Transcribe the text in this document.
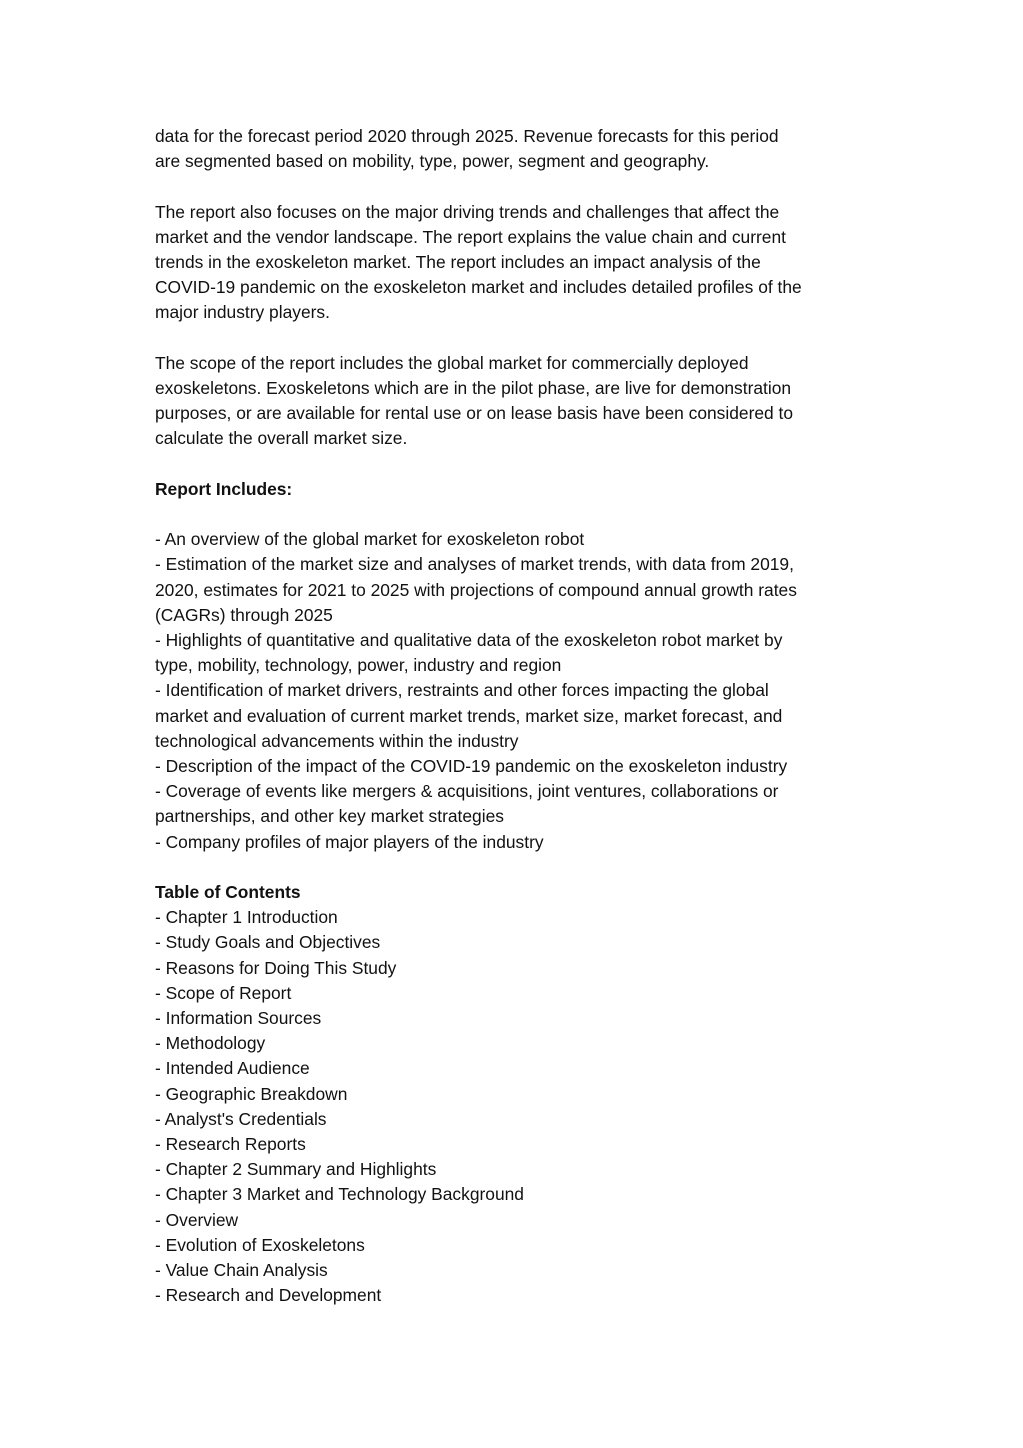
data for the forecast period 2020 through 2025. Revenue forecasts for this period
are segmented based on mobility, type, power, segment and geography.

The report also focuses on the major driving trends and challenges that affect the
market and the vendor landscape. The report explains the value chain and current
trends in the exoskeleton market. The report includes an impact analysis of the
COVID-19 pandemic on the exoskeleton market and includes detailed profiles of the
major industry players.

The scope of the report includes the global market for commercially deployed
exoskeletons. Exoskeletons which are in the pilot phase, are live for demonstration
purposes, or are available for rental use or on lease basis have been considered to
calculate the overall market size.

Report Includes:

- An overview of the global market for exoskeleton robot
- Estimation of the market size and analyses of market trends, with data from 2019,
2020, estimates for 2021 to 2025 with projections of compound annual growth rates
(CAGRs) through 2025
- Highlights of quantitative and qualitative data of the exoskeleton robot market by
type, mobility, technology, power, industry and region
- Identification of market drivers, restraints and other forces impacting the global
market and evaluation of current market trends, market size, market forecast, and
technological advancements within the industry
- Description of the impact of the COVID-19 pandemic on the exoskeleton industry
- Coverage of events like mergers & acquisitions, joint ventures, collaborations or
partnerships, and other key market strategies
- Company profiles of major players of the industry

Table of Contents

- Chapter 1 Introduction
- Study Goals and Objectives
- Reasons for Doing This Study
- Scope of Report
- Information Sources
- Methodology
- Intended Audience
- Geographic Breakdown
- Analyst's Credentials
- Research Reports
- Chapter 2 Summary and Highlights
- Chapter 3 Market and Technology Background
- Overview
- Evolution of Exoskeletons
- Value Chain Analysis
- Research and Development
